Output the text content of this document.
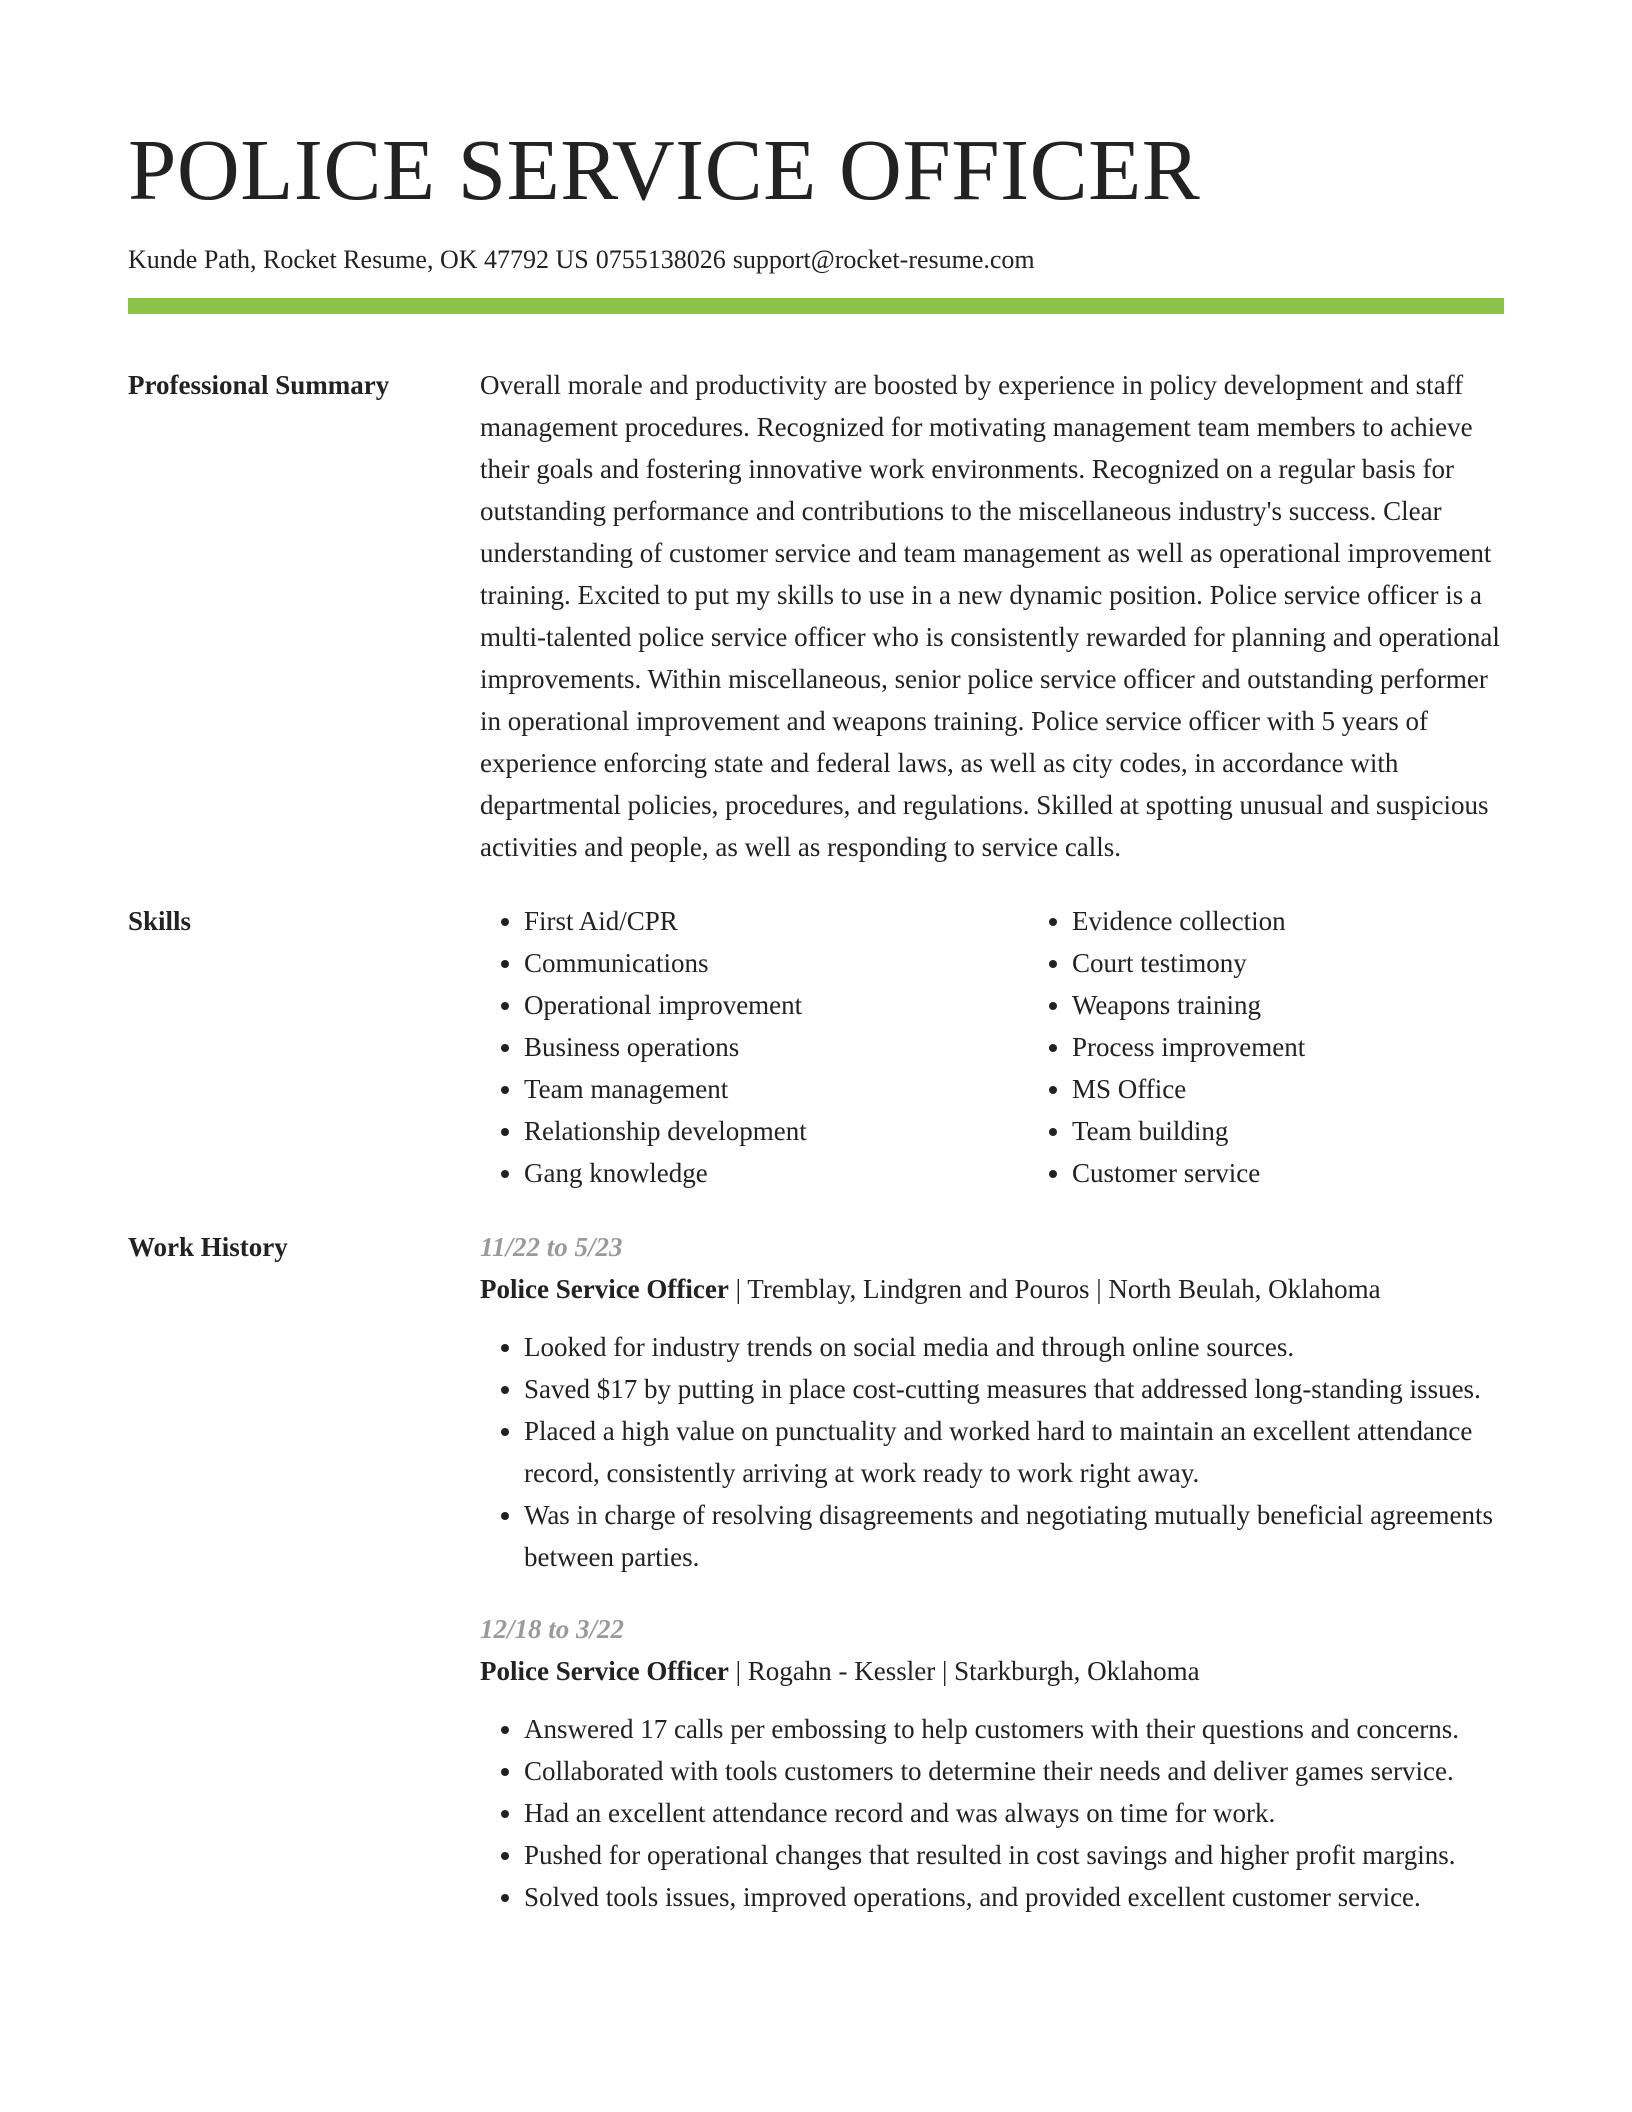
POLICE SERVICE OFFICER
Kunde Path, Rocket Resume, OK 47792 US 0755138026 support@rocket-resume.com
Professional Summary	Overall morale and productivity are boosted by experience in policy development and staff management procedures. Recognized for motivating management team members to achieve their goals and fostering innovative work environments. Recognized on a regular basis for outstanding performance and contributions to the miscellaneous industry's success. Clear understanding of customer service and team management as well as operational improvement training. Excited to put my skills to use in a new dynamic position. Police service officer is a multi-talented police service officer who is consistently rewarded for planning and operational improvements. Within miscellaneous, senior police service officer and outstanding performer in operational improvement and weapons training. Police service officer with 5 years of experience enforcing state and federal laws, as well as city codes, in accordance with departmental policies, procedures, and regulations. Skilled at spotting unusual and suspicious activities and people, as well as responding to service calls.
Skills
•	First Aid/CPR
• Communications
• Operational improvement
• Business operations
• Team management
• Relationship development
• Gang knowledge
• Evidence collection
• Court testimony
• Weapons training
• Process improvement
• MS Office
• Team building
• Customer service
Work History	11/22 to 5/23
Police Service Officer | Tremblay, Lindgren and Pouros | North Beulah, Oklahoma
• Looked for industry trends on social media and through online sources.
• Saved $17 by putting in place cost-cutting measures that addressed long-standing issues.
• Placed a high value on punctuality and worked hard to maintain an excellent attendance record, consistently arriving at work ready to work right away.
• Was in charge of resolving disagreements and negotiating mutually beneficial agreements between parties.
12/18 to 3/22
Police Service Officer | Rogahn - Kessler | Starkburgh, Oklahoma
• Answered 17 calls per embossing to help customers with their questions and concerns.
• Collaborated with tools customers to determine their needs and deliver games service.
• Had an excellent attendance record and was always on time for work.
• Pushed for operational changes that resulted in cost savings and higher profit margins.
• Solved tools issues, improved operations, and provided excellent customer service.
